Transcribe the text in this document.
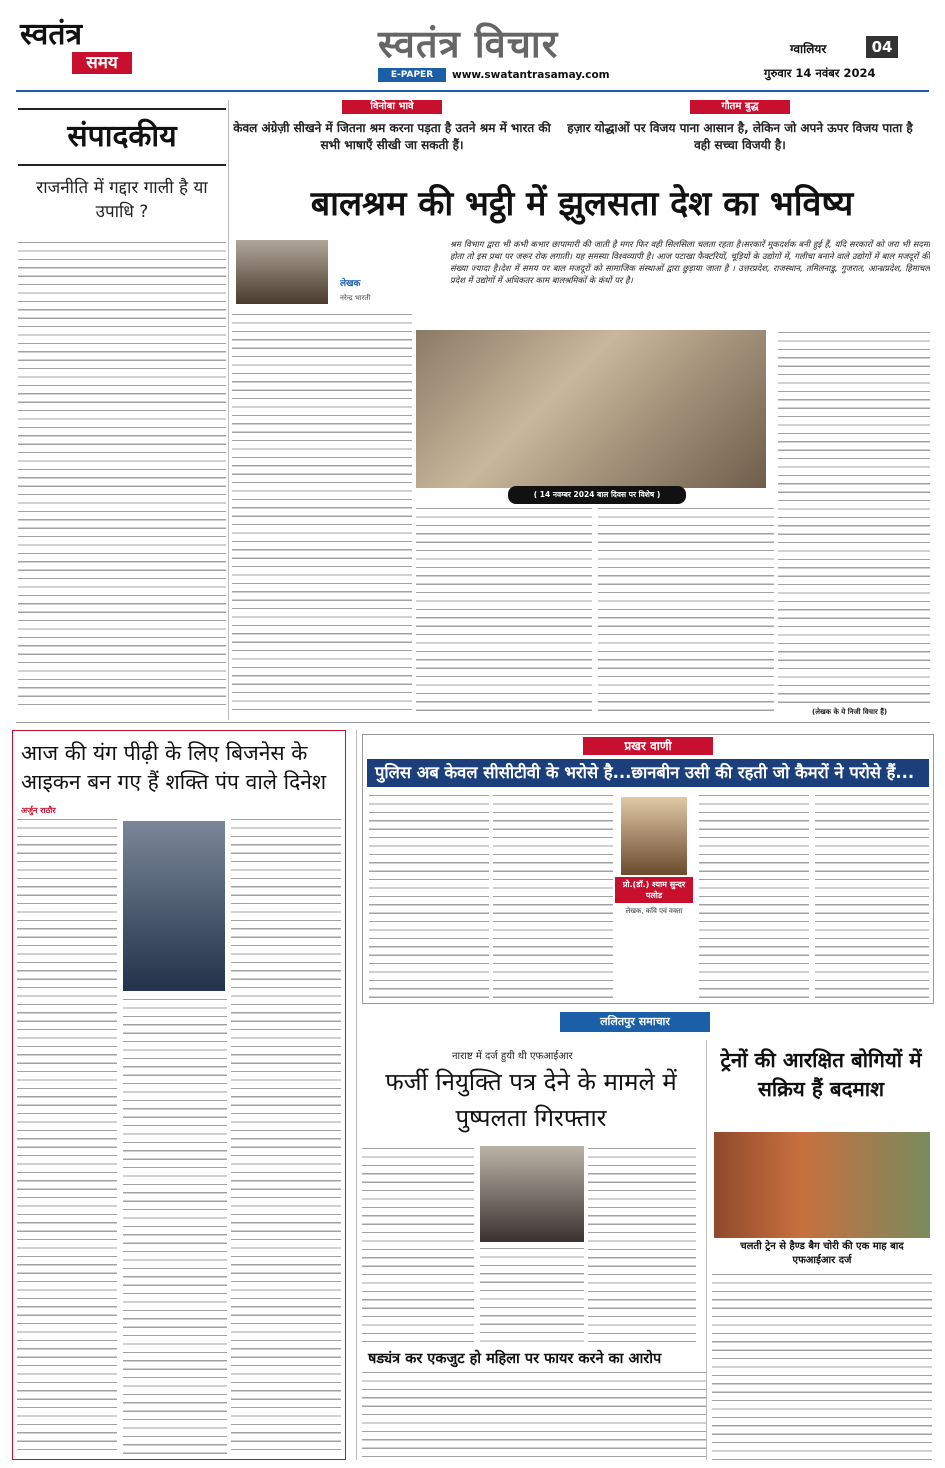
स्वतंत्र
समय	स्वतंत्र विचार
E-PAPER	www.swatantrasamay.com
ग्वालियर	04
गुरुवार 14 नवंबर 2024
विनोबा भावे
केवल अंग्रेज़ी सीखने में जितना श्रम करना पड़ता है उतने श्रम में भारत की सभी भाषाएँ सीखी जा सकती हैं।
गौतम बुद्ध
हज़ार योद्धाओं पर विजय पाना आसान है, लेकिन जो अपने ऊपर विजय पाता है वही सच्चा विजयी है।
संपादकीय
राजनीति में गद्दार गाली है या उपाधि ?	बालश्रम की भट्ठी में झुलसता देश का भविष्य
लेखक
नरेन्द्र भारती
श्रम विभाग द्वारा भी कभी कभार छापामारी की जाती है मगर फिर वही सिलसिला चलता रहता है।सरकारें मूकदर्शक बनी हुई हैं, यदि सरकारों को जरा भी सदमा होता तो इस प्रथा पर जरूर रोक लगाती। यह समस्या विश्वव्यापी है। आज पटाखा फैक्टरियों, चूड़ियों के उद्योगों में, गलीचा बनाने वाले उद्योगों में बाल मजदूरों की संख्या ज्यादा है।देश में समय पर बाल मजदूरों को सामाजिक संस्थाओं द्वारा छुड़ाया जाता है । उत्तरप्रदेश, राजस्थान, तमिलनाडु, गुजरात, आन्ध्रप्रदेश, हिमाचल प्रदेश में उद्योगों में अधिकतर काम बालश्रमिकों के कंधों पर है।
( 14 नवम्बर 2024 बाल दिवस पर विशेष )
(लेखक के ये निजी विचार हैं)
आज की यंग पीढ़ी के लिए बिजनेस के आइकन बन गए हैं शक्ति पंप वाले दिनेश
अर्जुन राठौर
प्रखर वाणी
पुलिस अब केवल सीसीटीवी के भरोसे है...छानबीन उसी की रहती जो कैमरों ने परोसे हैं...
प्रो.(डॉ.) श्याम सुन्दर पलोड
लेखक, कवि एवं वक्ता
ललितपुर समाचार
नाराष्ट में दर्ज हुयी थी एफआईआर
फर्जी नियुक्ति पत्र देने के मामले में पुष्पलता गिरफ्तार
षड्यंत्र कर एकजुट हो महिला पर फायर करने का आरोप
ट्रेनों की आरक्षित बोगियों में सक्रिय हैं बदमाश
चलती ट्रेन से हैण्ड बैग चोरी की एक माह बाद एफआईआर दर्ज
